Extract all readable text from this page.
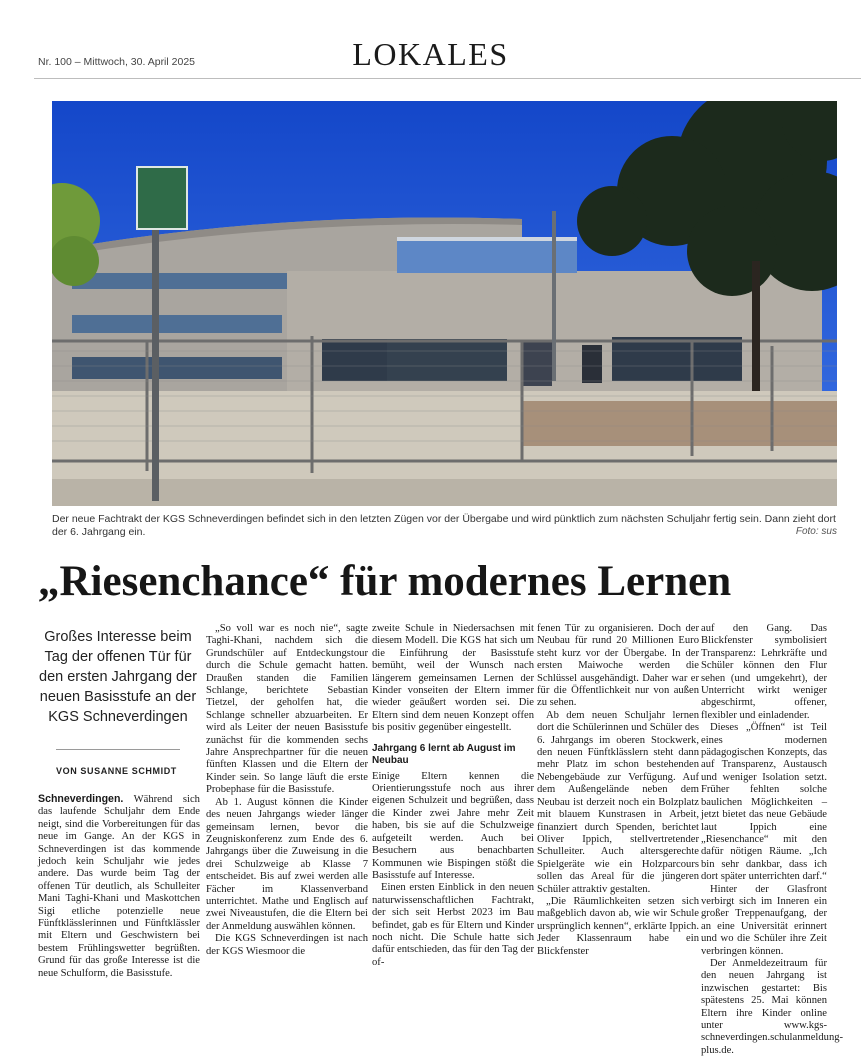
Nr. 100 – Mittwoch, 30. April 2025	LOKALES
Der neue Fachtrakt der KGS Schneverdingen befindet sich in den letzten Zügen vor der Übergabe und wird pünktlich zum nächsten Schuljahr fertig sein. Dann zieht dort der 6. Jahrgang ein.	Foto: sus
„Riesenchance“ für modernes Lernen
Großes Interesse beim Tag der offenen Tür für den ersten Jahrgang der neuen Basisstufe an der KGS Schneverdingen
VON SUSANNE SCHMIDT

Schneverdingen. Während sich das laufende Schuljahr dem Ende neigt, sind die Vorbereitungen für das neue im Gange. An der KGS in Schneverdingen ist das kommende jedoch kein Schuljahr wie jedes andere. Das wurde beim Tag der offenen Tür deutlich, als Schulleiter Mani Taghi-Khani und Maskottchen Sigi etliche potenzielle neue Fünftklässlerinnen und Fünftklässler mit Eltern und Geschwistern bei bestem Frühlingswetter begrüßten. Grund für das große Interesse ist die neue Schulform, die Basisstufe.

„So voll war es noch nie“, sagte Taghi-Khani, nachdem sich die Grundschüler auf Entdeckungstour durch die Schule gemacht hatten. Draußen standen die Familien Schlange, berichtete Sebastian Tietzel, der geholfen hat, die Schlange schneller abzuarbeiten. Er wird als Leiter der neuen Basisstufe zunächst für die kommenden sechs Jahre Ansprechpartner für die neuen fünften Klassen und die Eltern der Kinder sein. So lange läuft die erste Probephase für die Basisstufe.

Ab 1. August können die Kinder des neuen Jahrgangs wieder länger gemeinsam lernen, bevor die Zeugniskonferenz zum Ende des 6. Jahrgangs über die Zuweisung in die drei Schulzweige ab Klasse 7 entscheidet. Bis auf zwei werden alle Fächer im Klassenverband unterrichtet. Mathe und Englisch auf zwei Niveaustufen, die die Eltern bei der Anmeldung auswählen können.

Die KGS Schneverdingen ist nach der KGS Wiesmoor die

zweite Schule in Niedersachsen mit diesem Modell. Die KGS hat sich um die Einführung der Basisstufe bemüht, weil der Wunsch nach längerem gemeinsamen Lernen der Kinder vonseiten der Eltern immer wieder geäußert worden sei. Die Eltern sind dem neuen Konzept offen bis positiv gegenüber eingestellt.

Jahrgang 6 lernt ab August im Neubau

Einige Eltern kennen die Orientierungsstufe noch aus ihrer eigenen Schulzeit und begrüßen, dass die Kinder zwei Jahre mehr Zeit haben, bis sie auf die Schulzweige aufgeteilt werden. Auch bei Besuchern aus benachbarten Kommunen wie Bispingen stößt die Basisstufe auf Interesse.

Einen ersten Einblick in den neuen naturwissenschaftlichen Fachtrakt, der sich seit Herbst 2023 im Bau befindet, gab es für Eltern und Kinder noch nicht. Die Schule hatte sich dafür entschieden, das für den Tag der of-

fenen Tür zu organisieren. Doch der Neubau für rund 20 Millionen Euro steht kurz vor der Übergabe. In der ersten Maiwoche werden die Schlüssel ausgehändigt. Daher war er für die Öffentlichkeit nur von außen zu sehen.

Ab dem neuen Schuljahr lernen dort die Schülerinnen und Schüler des 6. Jahrgangs im oberen Stockwerk, den neuen Fünftklässlern steht dann mehr Platz im schon bestehenden Nebengebäude zur Verfügung. Auf dem Außengelände neben dem Neubau ist derzeit noch ein Bolzplatz mit blauem Kunstrasen in Arbeit, finanziert durch Spenden, berichtet Oliver Ippich, stellvertretender Schulleiter. Auch altersgerechte Spielgeräte wie ein Holzparcours sollen das Areal für die jüngeren Schüler attraktiv gestalten.

„Die Räumlichkeiten setzen sich maßgeblich davon ab, wie wir Schule ursprünglich kennen“, erklärte Ippich. Jeder Klassenraum habe ein Blickfenster

auf den Gang. Das Blickfenster symbolisiert Transparenz: Lehrkräfte und Schüler können den Flur sehen (und umgekehrt), der Unterricht wirkt weniger abgeschirmt, offener, flexibler und einladender.

Dieses „Öffnen“ ist Teil eines modernen pädagogischen Konzepts, das auf Transparenz, Austausch und weniger Isolation setzt. Früher fehlten solche baulichen Möglichkeiten – jetzt bietet das neue Gebäude laut Ippich eine „Riesenchance“ mit den dafür nötigen Räume. „Ich bin sehr dankbar, dass ich dort später unterrichten darf.“

Hinter der Glasfront verbirgt sich im Inneren ein großer Treppenaufgang, der an eine Universität erinnert und wo die Schüler ihre Zeit verbringen können.

Der Anmeldezeitraum für den neuen Jahrgang ist inzwischen gestartet: Bis spätestens 25. Mai können Eltern ihre Kinder online unter www.kgs-schneverdingen.schulanmeldung-plus.de.
